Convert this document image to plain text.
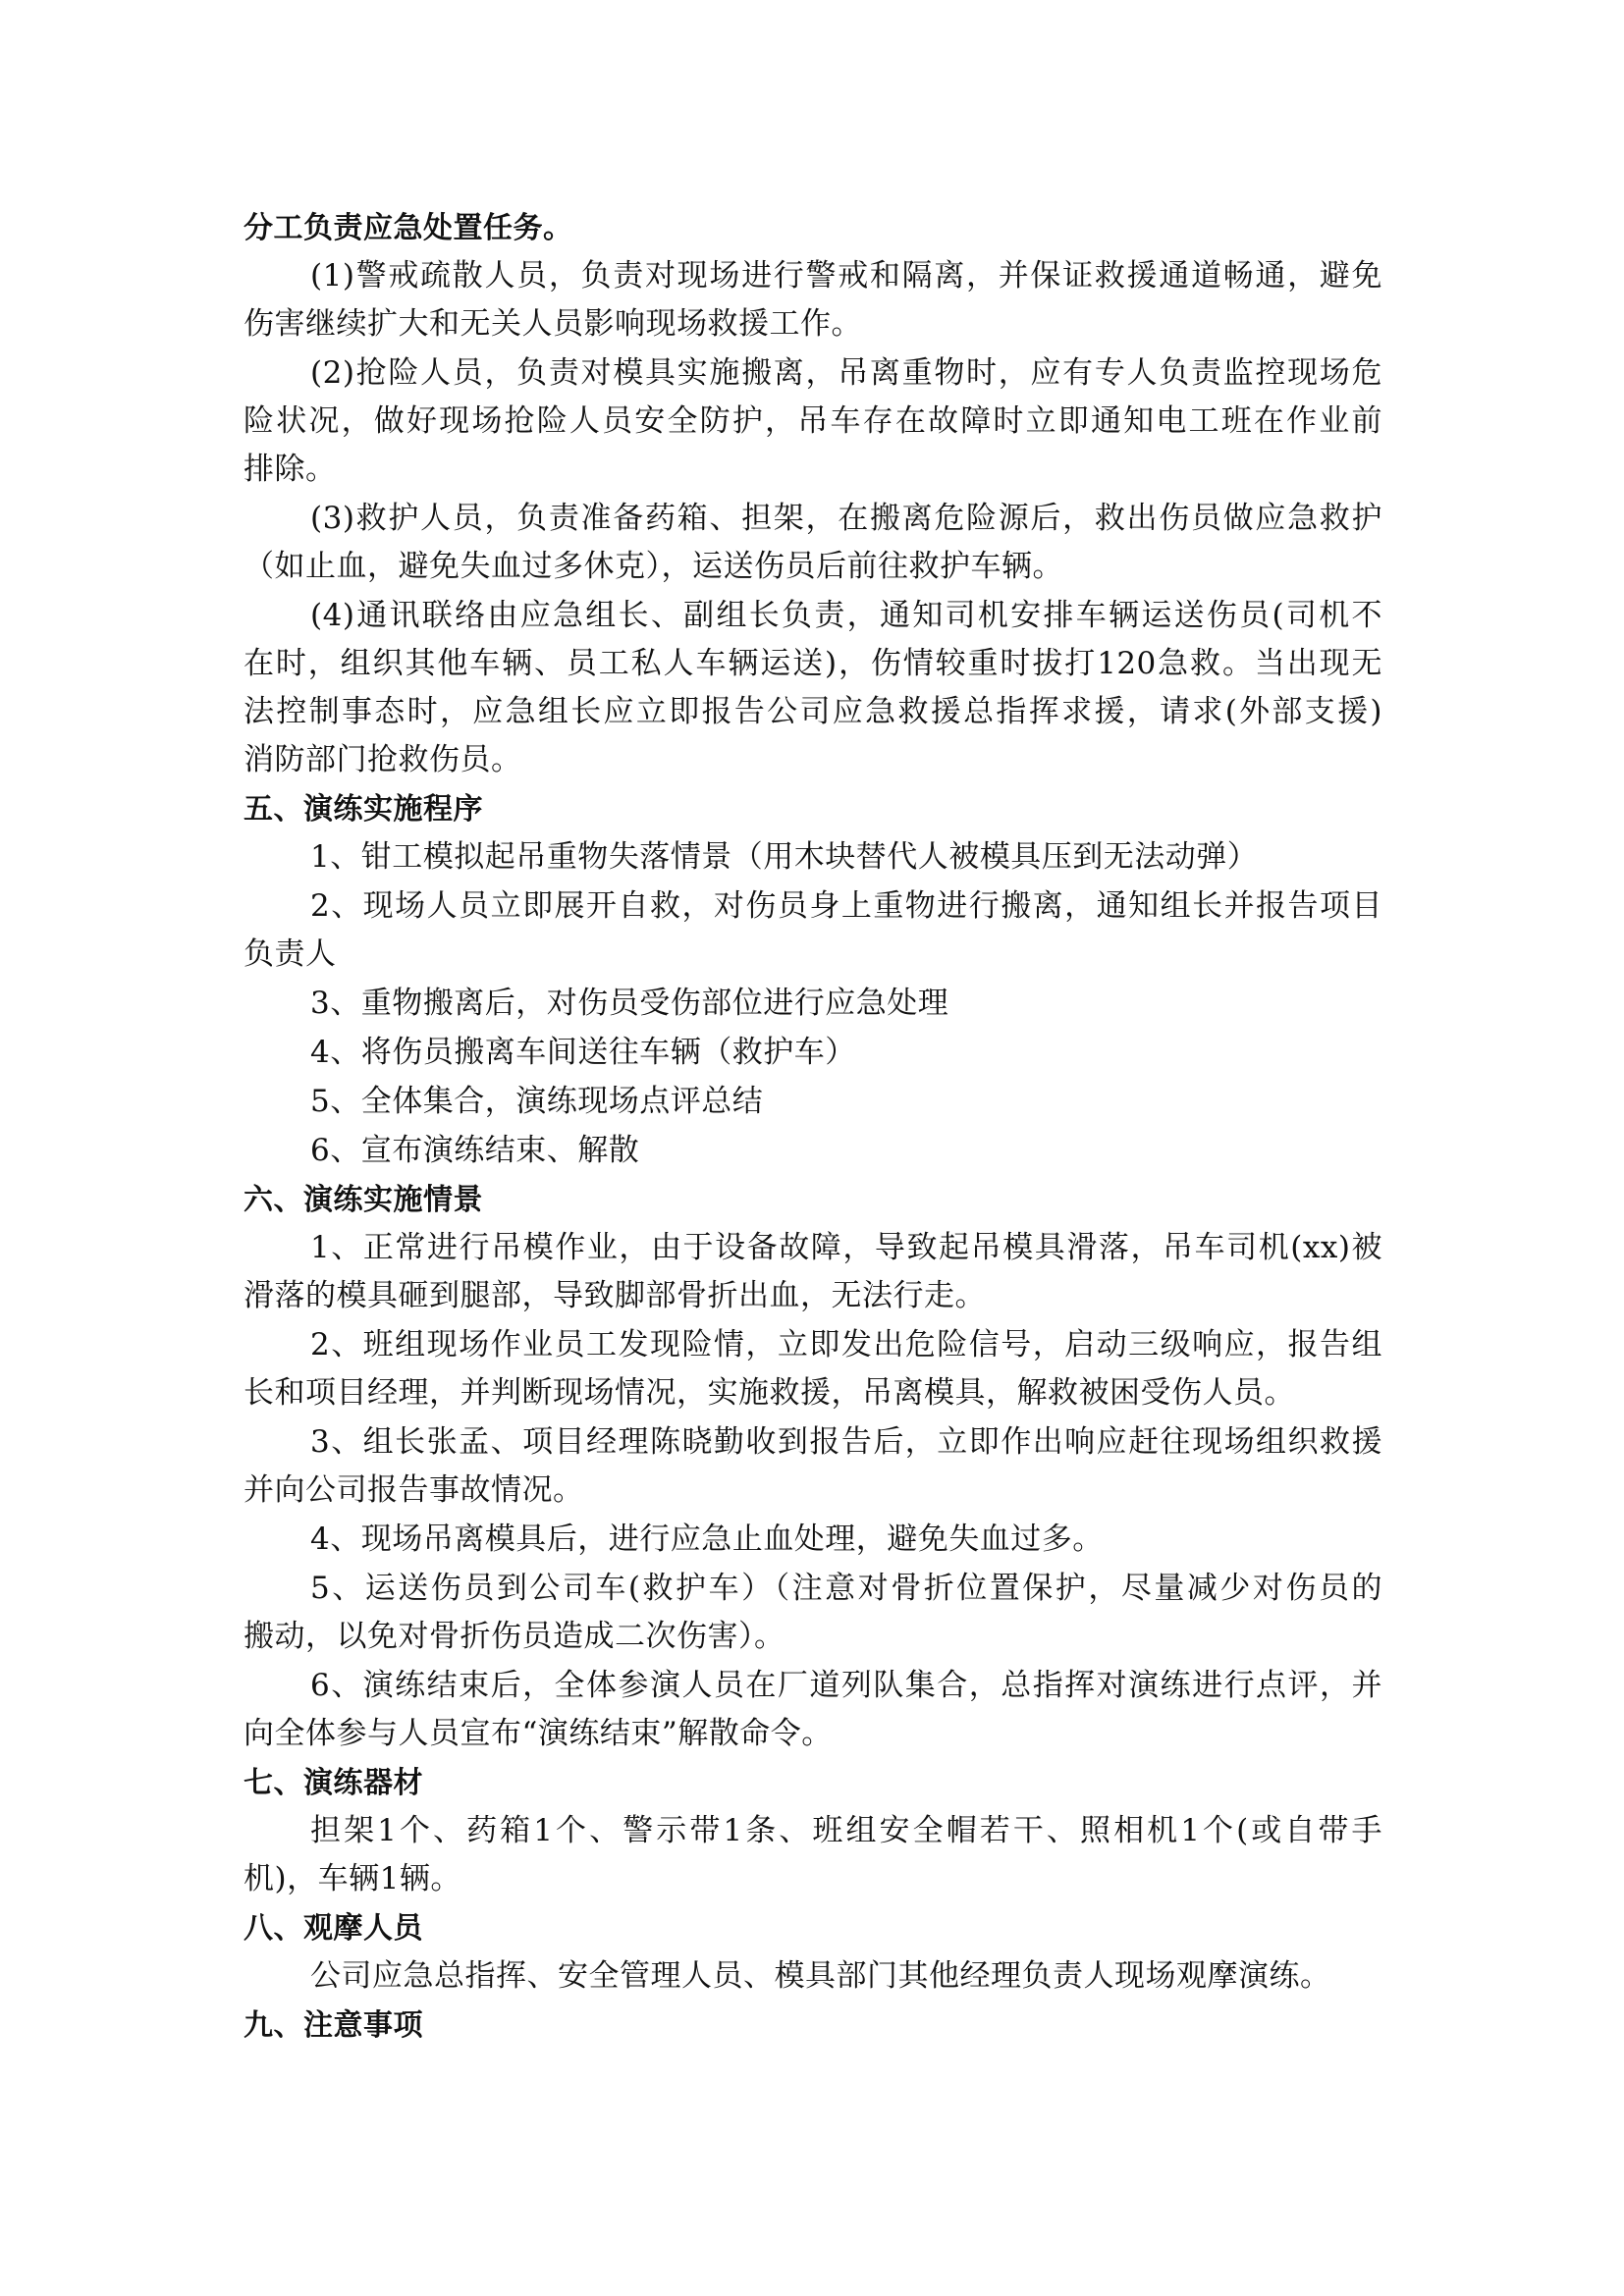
分工负责应急处置任务。
(1)警戒疏散人员，负责对现场进行警戒和隔离，并保证救援通道畅通，避免
伤害继续扩大和无关人员影响现场救援工作。
(2)抢险人员，负责对模具实施搬离，吊离重物时，应有专人负责监控现场危
险状况，做好现场抢险人员安全防护，吊车存在故障时立即通知电工班在作业前
排除。
(3)救护人员，负责准备药箱、担架，在搬离危险源后，救出伤员做应急救护
（如止血，避免失血过多休克），运送伤员后前往救护车辆。
(4)通讯联络由应急组长、副组长负责，通知司机安排车辆运送伤员(司机不
在时，组织其他车辆、员工私人车辆运送)，伤情较重时拔打120急救。当出现无
法控制事态时，应急组长应立即报告公司应急救援总指挥求援，请求(外部支援)
消防部门抢救伤员。
五、演练实施程序
1、钳工模拟起吊重物失落情景（用木块替代人被模具压到无法动弹）
2、现场人员立即展开自救，对伤员身上重物进行搬离，通知组长并报告项目
负责人
3、重物搬离后，对伤员受伤部位进行应急处理
4、将伤员搬离车间送往车辆（救护车）
5、全体集合，演练现场点评总结
6、宣布演练结束、解散
六、演练实施情景
1、正常进行吊模作业，由于设备故障，导致起吊模具滑落，吊车司机(xx)被
滑落的模具砸到腿部，导致脚部骨折出血，无法行走。
2、班组现场作业员工发现险情，立即发出危险信号，启动三级响应，报告组
长和项目经理，并判断现场情况，实施救援，吊离模具，解救被困受伤人员。
3、组长张孟、项目经理陈晓勤收到报告后，立即作出响应赶往现场组织救援
并向公司报告事故情况。
4、现场吊离模具后，进行应急止血处理，避免失血过多。
5、运送伤员到公司车(救护车）（注意对骨折位置保护，尽量减少对伤员的
搬动，以免对骨折伤员造成二次伤害）。
6、演练结束后，全体参演人员在厂道列队集合，总指挥对演练进行点评，并
向全体参与人员宣布“演练结束”解散命令。
七、演练器材
担架1个、药箱1个、警示带1条、班组安全帽若干、照相机1个(或自带手
机)，车辆1辆。
八、观摩人员
公司应急总指挥、安全管理人员、模具部门其他经理负责人现场观摩演练。
九、注意事项
